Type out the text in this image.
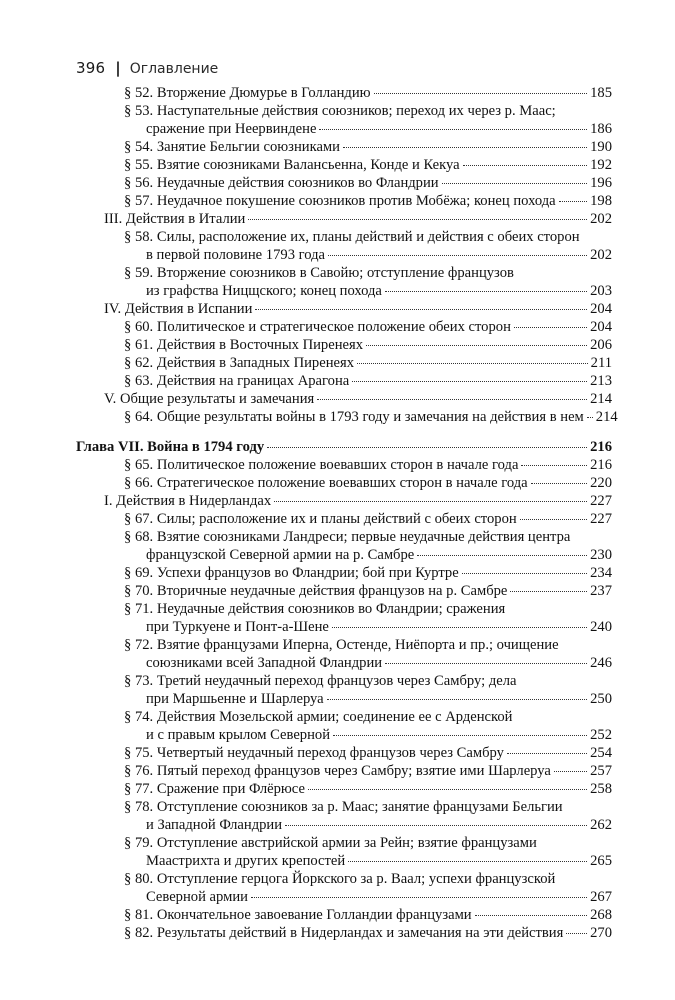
396 | Оглавление
§ 52. Вторжение Дюмурье в Голландию	185
§ 53. Наступательные действия союзников; переход их через р. Маас;
сражение при Неервиндене	186
§ 54. Занятие Бельгии союзниками	190
§ 55. Взятие союзниками Валансьенна, Конде и Кекуа	192
§ 56. Неудачные действия союзников во Фландрии	196
§ 57. Неудачное покушение союзников против Мобёжа; конец похода 198
III. Действия в Италии	202
§ 58. Силы, расположение их, планы действий и действия с обеих сторон
в первой половине 1793 года	202
§ 59. Вторжение союзников в Савойю; отступление французов
из графства Ницщского; конец похода	203
IV. Действия в Испании	204
§ 60. Политическое и стратегическое положение обеих сторон	204
§ 61. Действия в Восточных Пиренеях	206
§ 62. Действия в Западных Пиренеях	211
§ 63. Действия на границах Арагона	213
V. Общие результаты и замечания	214
§ 64. Общие результаты войны в 1793 году и замечания на действия в нем 214
Глава VII. Война в 1794 году	216
§ 65. Политическое положение воевавших сторон в начале года	216
§ 66. Стратегическое положение воевавших сторон в начале года	220
I. Действия в Нидерландах	227
§ 67. Силы; расположение их и планы действий с обеих сторон	227
§ 68. Взятие союзниками Ландреси; первые неудачные действия центра
французской Северной армии на р. Самбре	230
§ 69. Успехи французов во Фландрии; бой при Куртре	234
§ 70. Вторичные неудачные действия французов на р. Самбре	237
§ 71. Неудачные действия союзников во Фландрии; сражения
при Туркуене и Понт-а-Шене	240
§ 72. Взятие французами Иперна, Остенде, Ниёпорта и пр.; очищение
союзниками всей Западной Фландрии	246
§ 73. Третий неудачный переход французов через Самбру; дела
при Маршьенне и Шарлеруа	250
§ 74. Действия Мозельской армии; соединение ее с Арденской
и с правым крылом Северной	252
§ 75. Четвертый неудачный переход французов через Самбру	254
§ 76. Пятый переход французов через Самбру; взятие ими Шарлеруа	257
§ 77. Сражение при Флёрюсе	258
§ 78. Отступление союзников за р. Маас; занятие французами Бельгии
и Западной Фландрии	262
§ 79. Отступление австрийской армии за Рейн; взятие французами
Маастрихта и других крепостей	265
§ 80. Отступление герцога Йоркского за р. Ваал; успехи французской
Северной армии	267
§ 81. Окончательное завоевание Голландии французами	268
§ 82. Результаты действий в Нидерландах и замечания на эти действия 270
